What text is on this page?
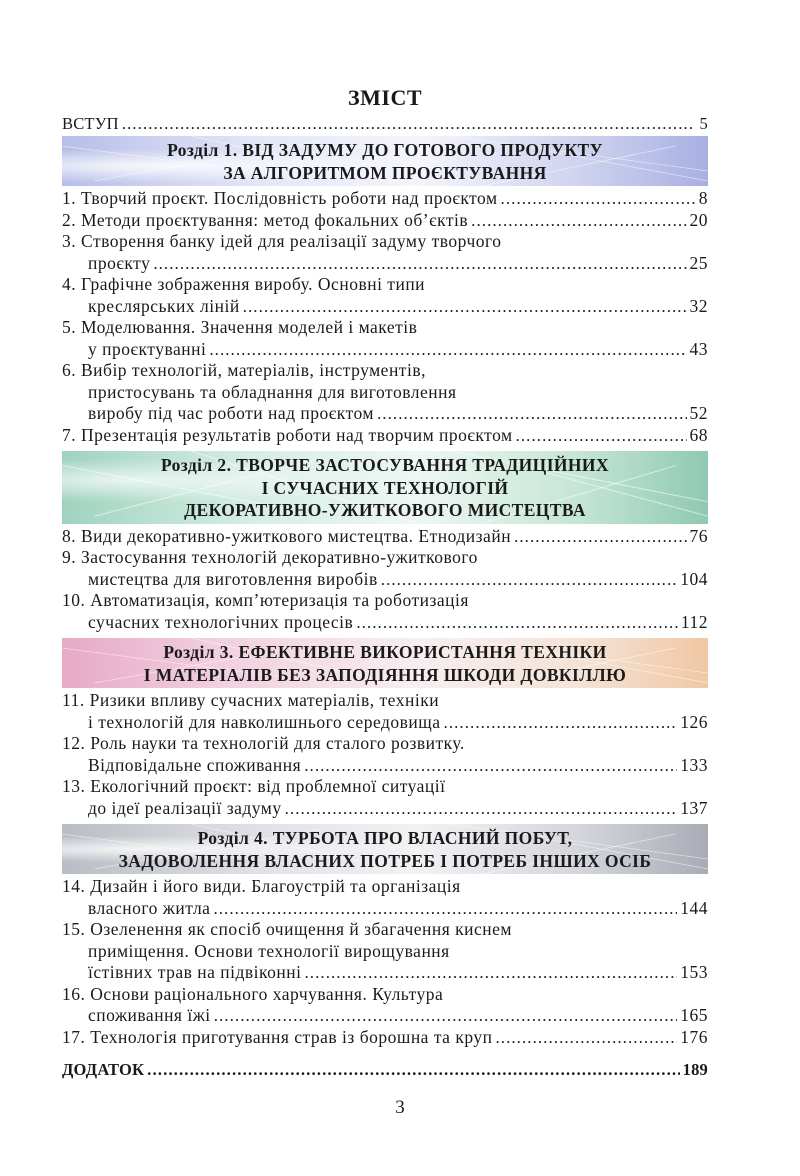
ЗМІСТ
ВСТУП . . .	5
Розділ 1. ВІД ЗАДУМУ ДО ГОТОВОГО ПРОДУКТУ
ЗА АЛГОРИТМОМ ПРОЄКТУВАННЯ
1. Творчий проєкт. Послідовність роботи над проєктом . . .	8
2. Методи проєктування: метод фокальних об’єктів . . .	20
3. Створення банку ідей для реалізації задуму творчого
проєкту . . .	25
4. Графічне зображення виробу. Основні типи
креслярських ліній . . .	32
5. Моделювання. Значення моделей і макетів
у проєктуванні . . .	43
6. Вибір технологій, матеріалів, інструментів,
пристосувань та обладнання для виготовлення
виробу під час роботи над проєктом . . .	52
7. Презентація результатів роботи над творчим проєктом . . .	68
Розділ 2. ТВОРЧЕ ЗАСТОСУВАННЯ ТРАДИЦІЙНИХ
І СУЧАСНИХ ТЕХНОЛОГІЙ
ДЕКОРАТИВНО-УЖИТКОВОГО МИСТЕЦТВА
8. Види декоративно-ужиткового мистецтва. Етнодизайн . . .	76
9. Застосування технологій декоративно-ужиткового
мистецтва для виготовлення виробів . . .	104
10. Автоматизація, комп’ютеризація та роботизація
сучасних технологічних процесів . . .	112
Розділ 3. ЕФЕКТИВНЕ ВИКОРИСТАННЯ ТЕХНІКИ
І МАТЕРІАЛІВ БЕЗ ЗАПОДІЯННЯ ШКОДИ ДОВКІЛЛЮ
11. Ризики впливу сучасних матеріалів, техніки
і технологій для навколишнього середовища . . .	126
12. Роль науки та технологій для сталого розвитку.
Відповідальне споживання . . .	133
13. Екологічний проєкт: від проблемної ситуації
до ідеї реалізації задуму . . .	137
Розділ 4. ТУРБОТА ПРО ВЛАСНИЙ ПОБУТ,
ЗАДОВОЛЕННЯ ВЛАСНИХ ПОТРЕБ І ПОТРЕБ ІНШИХ ОСІБ
14. Дизайн і його види. Благоустрій та організація
власного житла . . .	144
15. Озеленення як спосіб очищення й збагачення киснем
приміщення. Основи технології вирощування
їстівних трав на підвіконні . . .	153
16. Основи раціонального харчування. Культура
споживання їжі . . .	165
17. Технологія приготування страв із борошна та круп . . .	176
ДОДАТОК . . .	189
3
